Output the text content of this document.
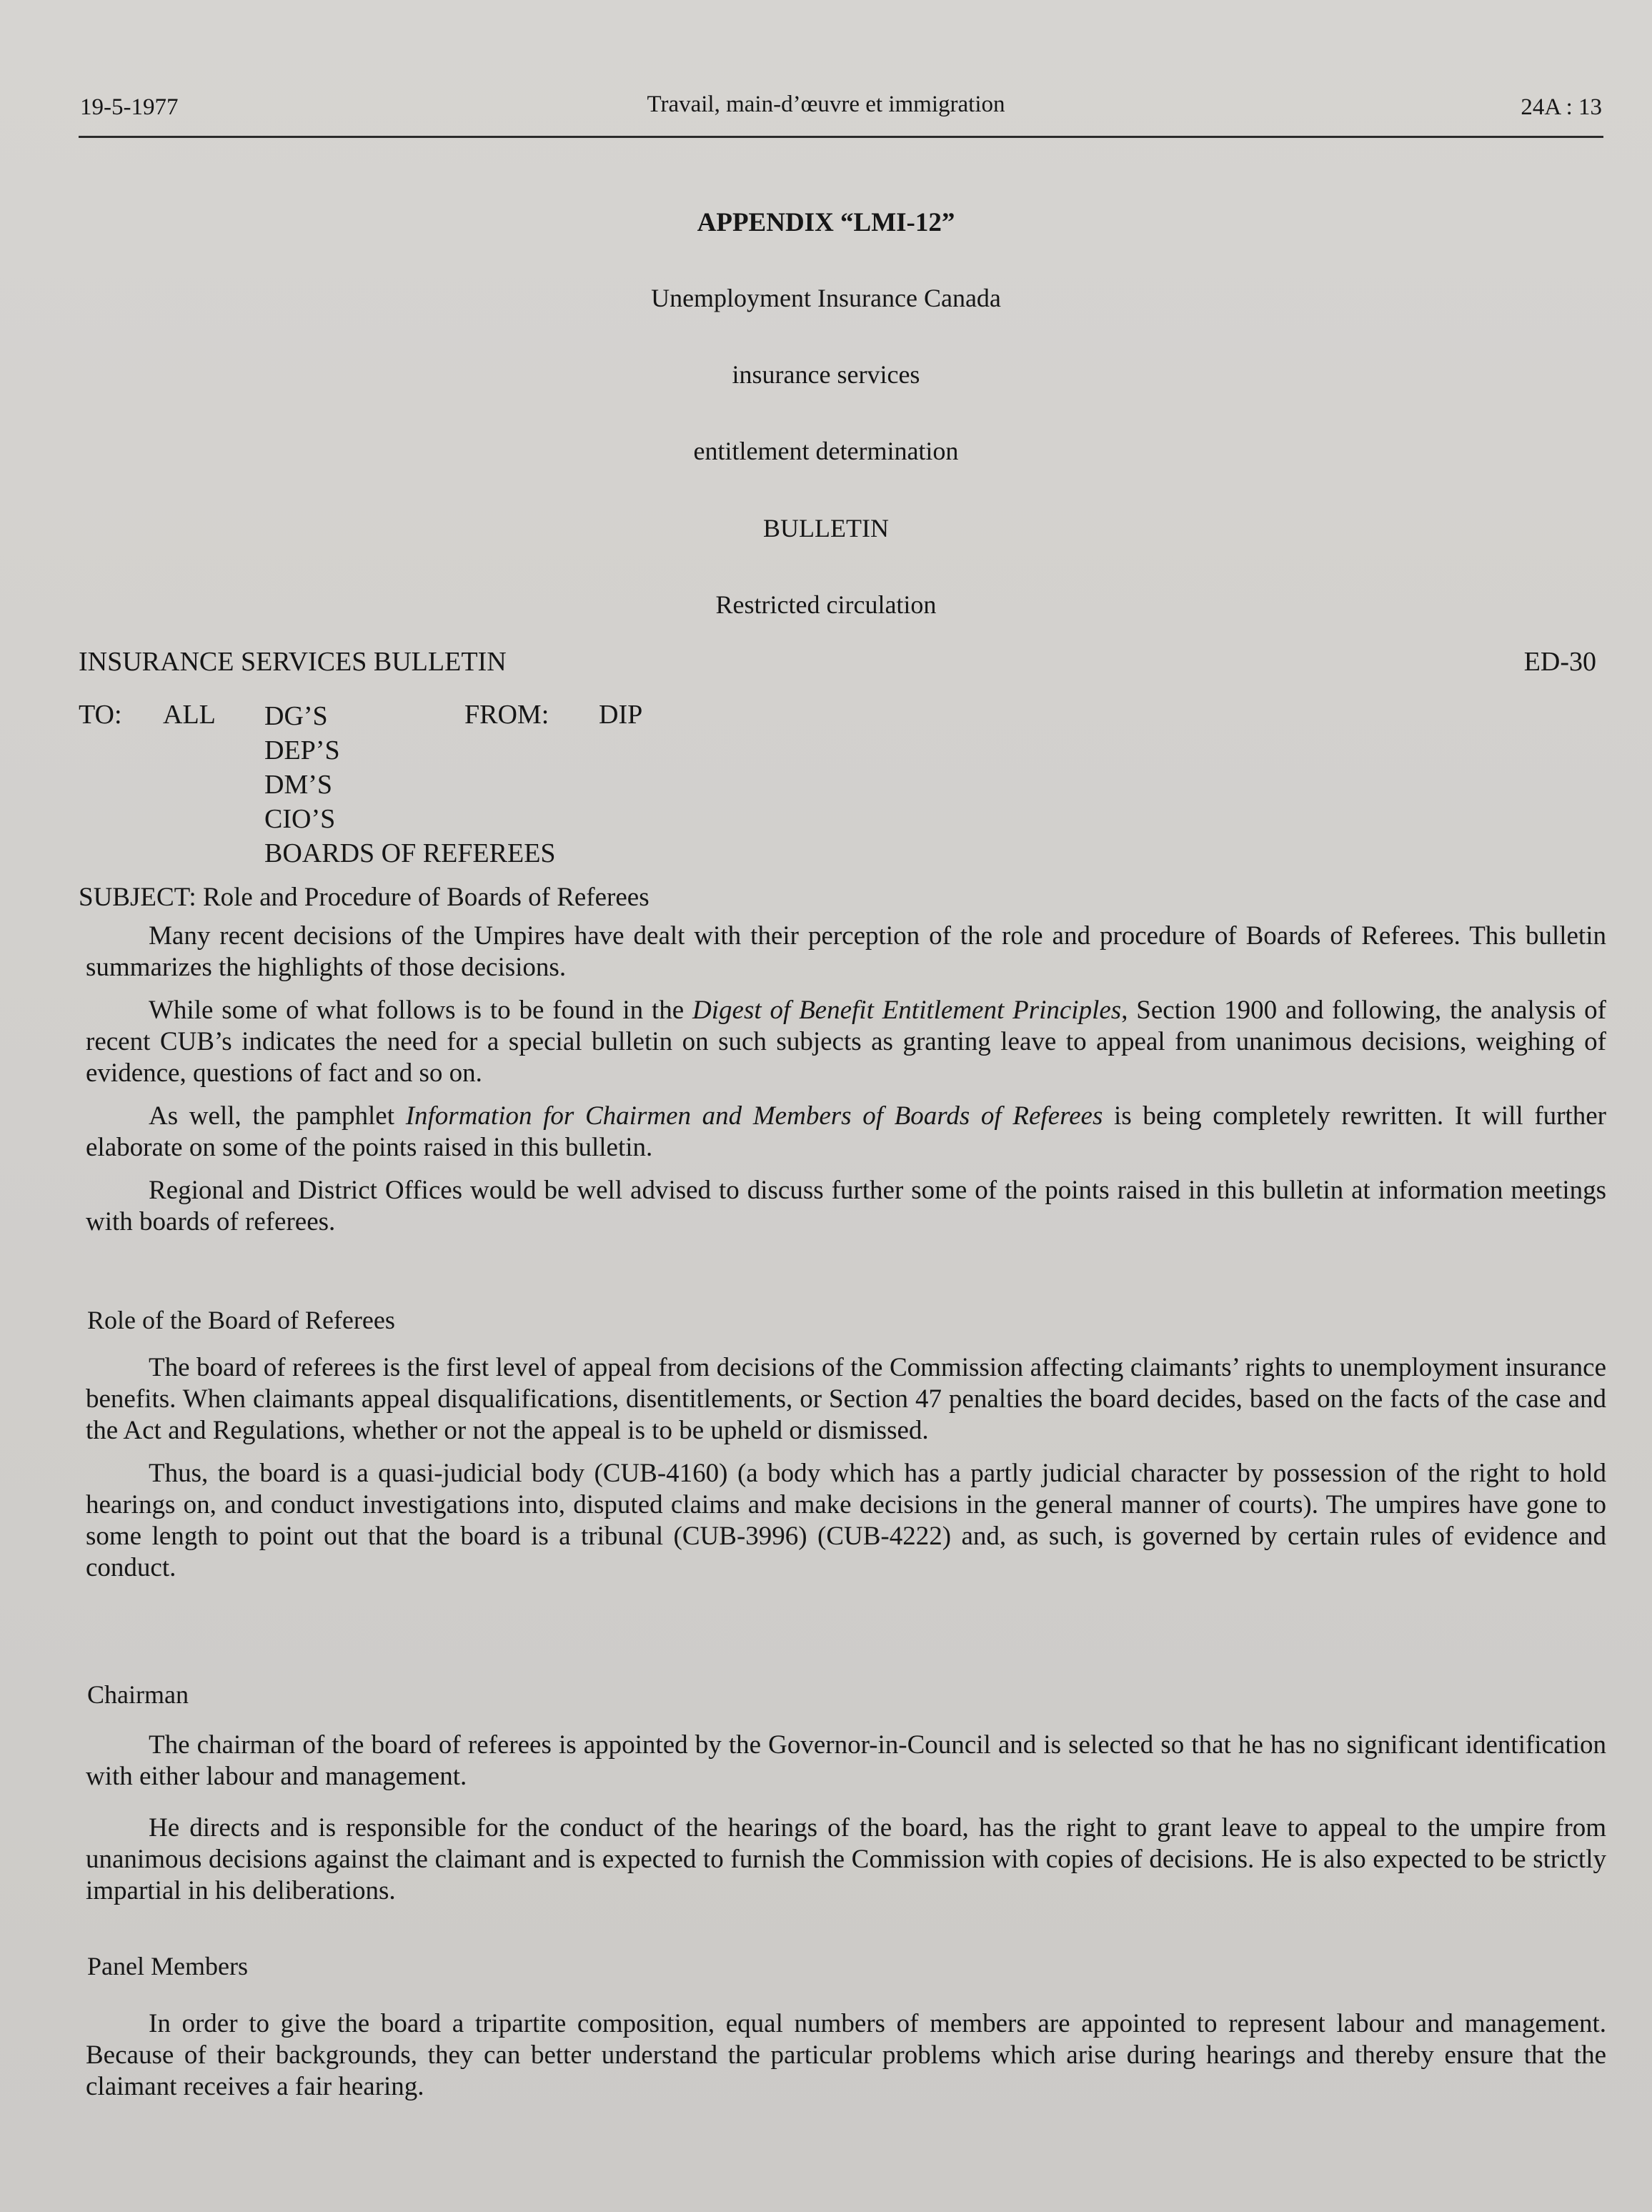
19-5-1977	Travail, main-d’œuvre et immigration	24A : 13
APPENDIX “LMI-12”
Unemployment Insurance Canada
insurance services
entitlement determination
BULLETIN
Restricted circulation
INSURANCE SERVICES BULLETIN	ED-30
TO: ALL DG’S
DEP’S
DM’S
CIO’S
BOARDS OF REFEREES
FROM: DIP
SUBJECT: Role and Procedure of Boards of Referees

Many recent decisions of the Umpires have dealt with their perception of the role and procedure of Boards of Referees. This bulletin summarizes the highlights of those decisions.

While some of what follows is to be found in the Digest of Benefit Entitlement Principles, Section 1900 and following, the analysis of recent CUB’s indicates the need for a special bulletin on such subjects as granting leave to appeal from unanimous decisions, weighing of evidence, questions of fact and so on.

As well, the pamphlet Information for Chairmen and Members of Boards of Referees is being completely rewritten. It will further elaborate on some of the points raised in this bulletin.

Regional and District Offices would be well advised to discuss further some of the points raised in this bulletin at information meetings with boards of referees.

Role of the Board of Referees

The board of referees is the first level of appeal from decisions of the Commission affecting claimants’ rights to unemployment insurance benefits. When claimants appeal disqualifications, disentitlements, or Section 47 penalties the board decides, based on the facts of the case and the Act and Regulations, whether or not the appeal is to be upheld or dismissed.

Thus, the board is a quasi-judicial body (CUB-4160) (a body which has a partly judicial character by possession of the right to hold hearings on, and conduct investigations into, disputed claims and make decisions in the general manner of courts). The umpires have gone to some length to point out that the board is a tribunal (CUB-3996) (CUB-4222) and, as such, is governed by certain rules of evidence and conduct.

Chairman

The chairman of the board of referees is appointed by the Governor-in-Council and is selected so that he has no significant identification with either labour and management.

He directs and is responsible for the conduct of the hearings of the board, has the right to grant leave to appeal to the umpire from unanimous decisions against the claimant and is expected to furnish the Commission with copies of decisions. He is also expected to be strictly impartial in his deliberations.

Panel Members

In order to give the board a tripartite composition, equal numbers of members are appointed to represent labour and management. Because of their backgrounds, they can better understand the particular problems which arise during hearings and thereby ensure that the claimant receives a fair hearing.
